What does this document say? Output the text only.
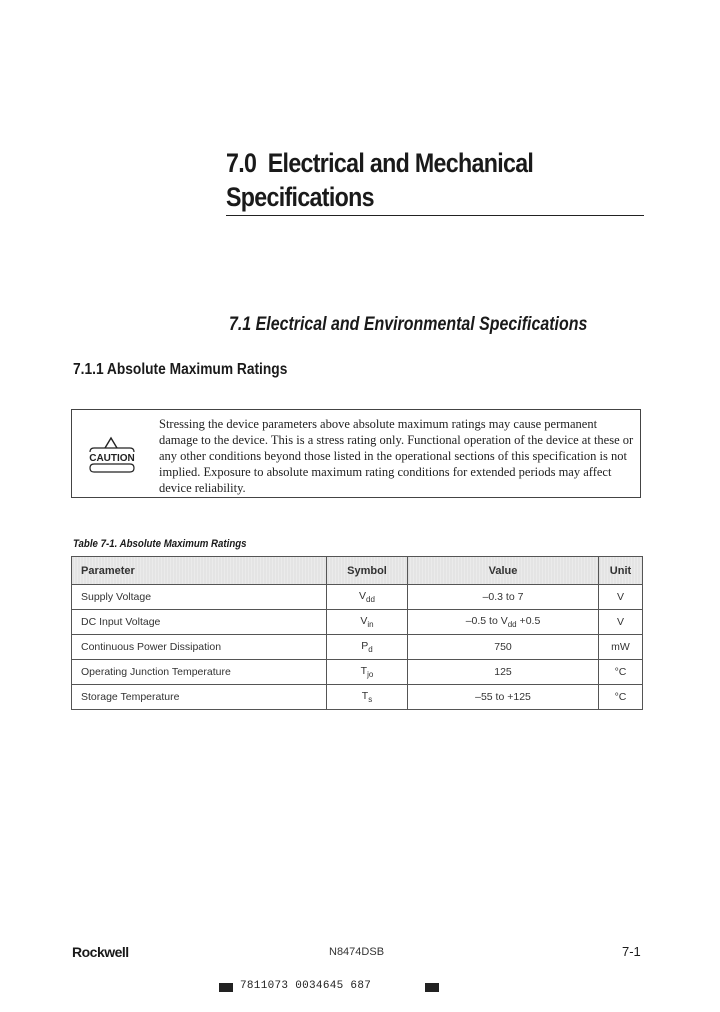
7.0 Electrical and Mechanical
Specifications
7.1 Electrical and Environmental Specifications
7.1.1 Absolute Maximum Ratings
CAUTION
Stressing the device parameters above absolute maximum ratings may cause permanent damage to the device. This is a stress rating only. Functional operation of the device at these or any other conditions beyond those listed in the operational sections of this specification is not implied. Exposure to absolute maximum rating conditions for extended periods may affect device reliability.
Table 7-1. Absolute Maximum Ratings
Parameter	Symbol	Value	Unit
Supply Voltage	$V_{dd}$	–0.3 to 7	V
DC Input Voltage	$V_{in}$	–0.5 to $V_{dd} +0.5$	V
Continuous Power Dissipation	$P_d$	750	mW
Operating Junction Temperature	$T_{jo}$	125	°C
Storage Temperature	$T_s$	–55 to +125	°C
Rockwell	N8474DSB	7-1
7811073 0034645 687
